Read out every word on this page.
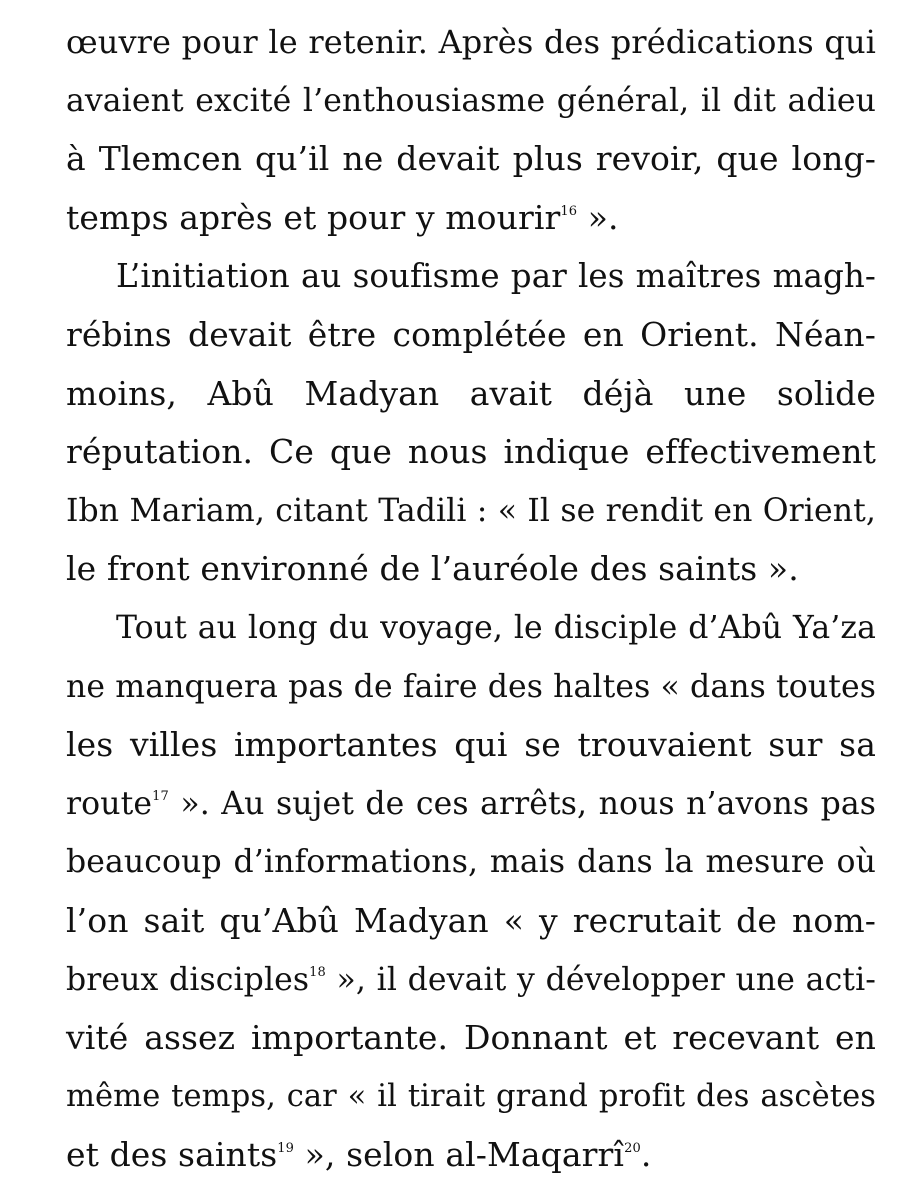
œuvre pour le retenir. Après des prédications qui
avaient excité l’enthousiasme général, il dit adieu
à Tlemcen qu’il ne devait plus revoir, que long-
temps après et pour y mourir$^{16}$ ».
L’initiation au soufisme par les maîtres magh-
rébins devait être complétée en Orient. Néan-
moins, Abû Madyan avait déjà une solide
réputation. Ce que nous indique effectivement
Ibn Mariam, citant Tadili : « Il se rendit en Orient,
le front environné de l’auréole des saints ».
Tout au long du voyage, le disciple d’Abû Ya’za
ne manquera pas de faire des haltes « dans toutes
les villes importantes qui se trouvaient sur sa
route$^{17}$ ». Au sujet de ces arrêts, nous n’avons pas
beaucoup d’informations, mais dans la mesure où
l’on sait qu’Abû Madyan « y recrutait de nom-
breux disciples$^{18}$ », il devait y développer une acti-
vité assez importante. Donnant et recevant en
même temps, car « il tirait grand profit des ascètes
et des saints$^{19}$ », selon al-Maqarrî$^{20}$.
